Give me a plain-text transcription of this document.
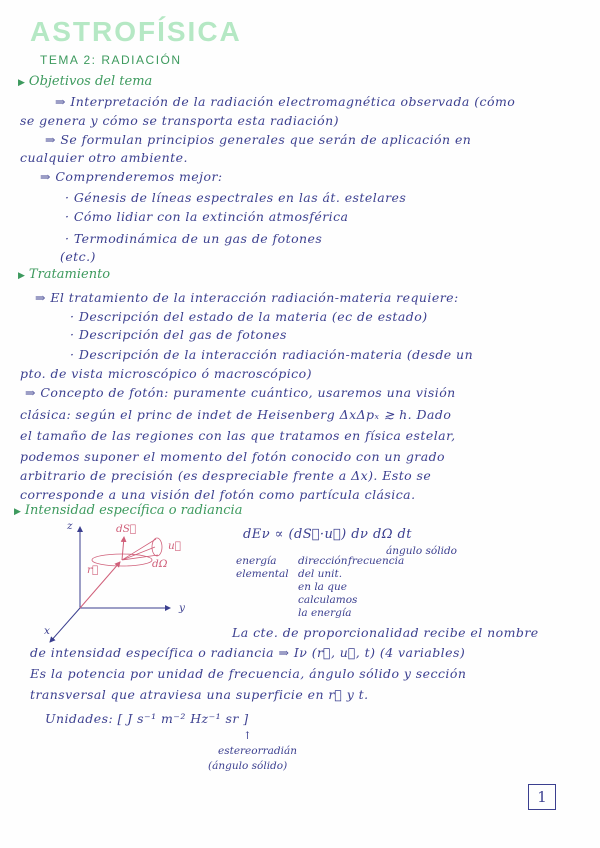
ASTROFÍSICA
TEMA 2: RADIACIÓN
▶ Objetivos del tema
⇒ Interpretación de la radiación electromagnética observada (cómo
se genera y cómo se transporta esta radiación)
⇒ Se formulan principios generales que serán de aplicación en
cualquier otro ambiente.
⇒ Comprenderemos mejor:
· Génesis de líneas espectrales en las át. estelares
· Cómo lidiar con la extinción atmosférica
· Termodinámica de un gas de fotones
(etc.)
▶ Tratamiento
⇒ El tratamiento de la interacción radiación-materia requiere:
· Descripción del estado de la materia (ec de estado)
· Descripción del gas de fotones
· Descripción de la interacción radiación-materia (desde un
pto. de vista microscópico ó macroscópico)
⇒ Concepto de fotón: puramente cuántico, usaremos una visión
clásica: según el princ de indet de Heisenberg ΔxΔpₓ ≳ h. Dado
el tamaño de las regiones con las que tratamos en física estelar,
podemos suponer el momento del fotón conocido con un grado
arbitrario de precisión (es despreciable frente a Δx). Esto se
corresponde a una visión del fotón como partícula clásica.
▶ Intensidad específica o radiancia
z
y
x
r⃗
dS⃗
u⃗
dΩ
dEν ∝ (dS⃗·u⃗) dν dΩ dt
energía
elemental
dirección
del unit.
en la que
calculamos
la energía
frecuencia
ángulo sólido
La cte. de proporcionalidad recibe el nombre
de intensidad específica o radiancia ⇒ Iν (r⃗, u⃗, t) (4 variables)
Es la potencia por unidad de frecuencia, ángulo sólido y sección
transversal que atraviesa una superficie en r⃗ y t.
Unidades: [ J s⁻¹ m⁻² Hz⁻¹ sr ]
↑
estereorradián
(ángulo sólido)
1
